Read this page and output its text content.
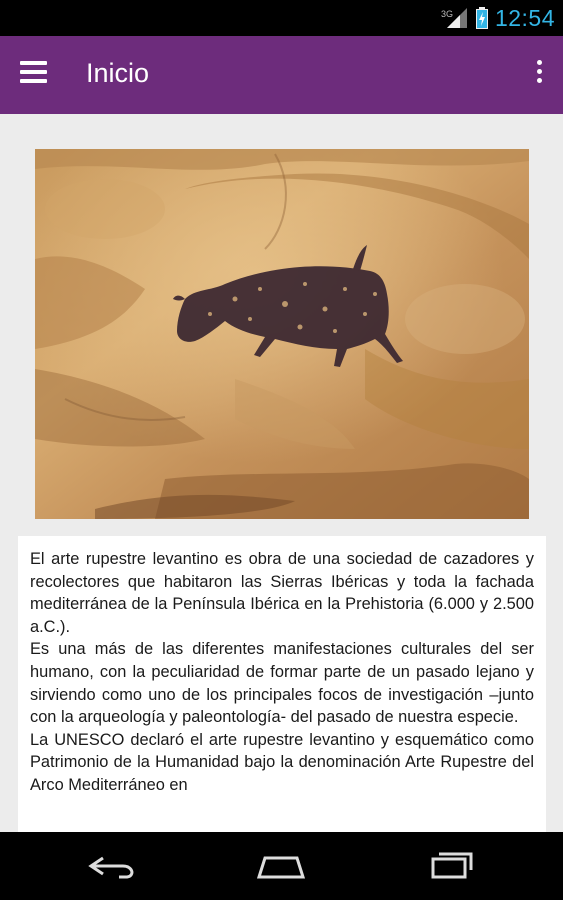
3G 12:54
Inicio

El arte rupestre levantino es obra de una sociedad de cazadores y recolectores que habitaron las Sierras Ibéricas y toda la fachada mediterránea de la Península Ibérica en la Prehistoria (6.000 y 2.500 a.C.).

Es una más de las diferentes manifestaciones culturales del ser humano, con la peculiaridad de formar parte de un pasado lejano y sirviendo como uno de los principales focos de investigación –junto con la arqueología y paleontología- del pasado de nuestra especie.

La UNESCO declaró el arte rupestre levantino y esquemático como Patrimonio de la Humanidad bajo la denominación Arte Rupestre del Arco Mediterráneo en
